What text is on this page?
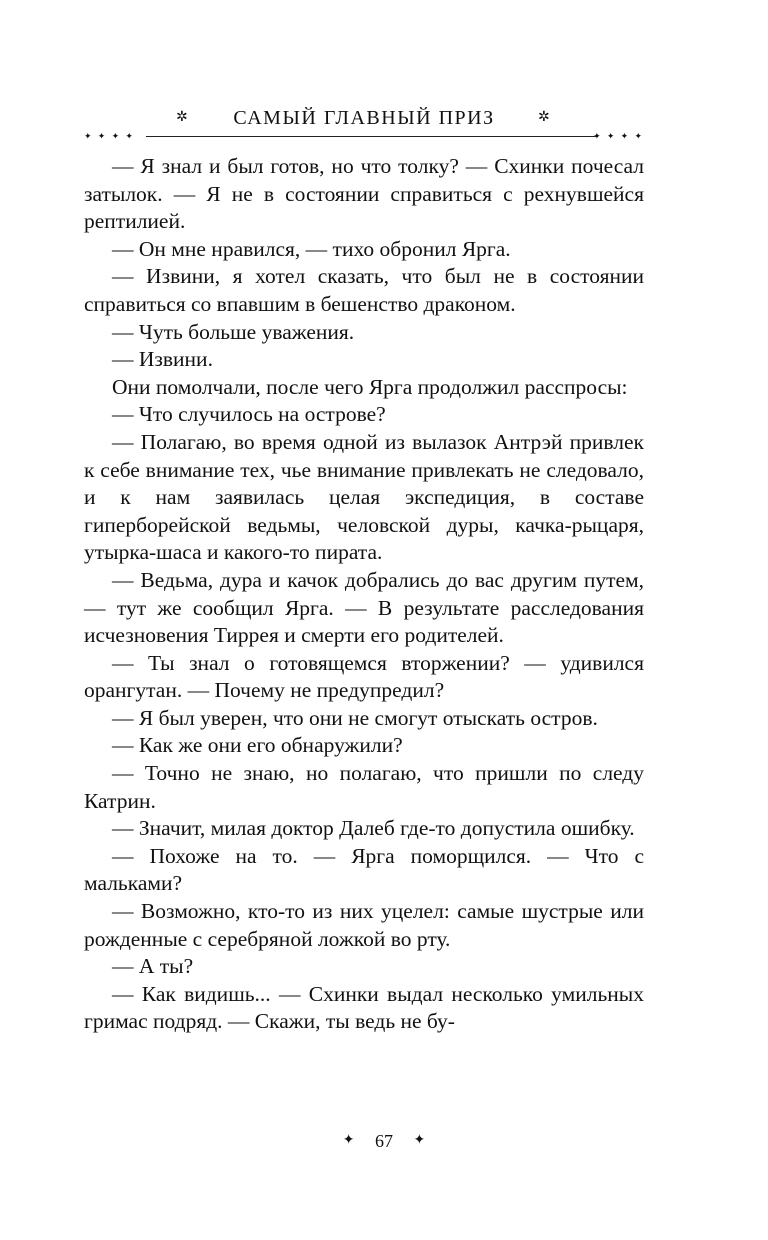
✲	САМЫЙ ГЛАВНЫЙ ПРИЗ	✲
✦ ✦ ✦ ✦	✦ ✦ ✦ ✦

— Я знал и был готов, но что толку? — Схинки почесал затылок. — Я не в состоянии справиться с рехнувшейся рептилией.

— Он мне нравился, — тихо обронил Ярга.

— Извини, я хотел сказать, что был не в состоянии справиться со впавшим в бешенство драконом.

— Чуть больше уважения.

— Извини.

Они помолчали, после чего Ярга продолжил расспросы:

— Что случилось на острове?

— Полагаю, во время одной из вылазок Антрэй привлек к себе внимание тех, чье внимание привлекать не следовало, и к нам заявилась целая экспедиция, в составе гиперборейской ведьмы, человской дуры, качка-рыцаря, утырка-шаса и какого-то пирата.

— Ведьма, дура и качок добрались до вас другим путем, — тут же сообщил Ярга. — В результате расследования исчезновения Тиррея и смерти его родителей.

— Ты знал о готовящемся вторжении? — удивился орангутан. — Почему не предупредил?

— Я был уверен, что они не смогут отыскать остров.

— Как же они его обнаружили?

— Точно не знаю, но полагаю, что пришли по следу Катрин.

— Значит, милая доктор Далеб где-то допустила ошибку.

— Похоже на то. — Ярга поморщился. — Что с мальками?

— Возможно, кто-то из них уцелел: самые шустрые или рожденные с серебряной ложкой во рту.

— А ты?

— Как видишь... — Схинки выдал несколько умильных гримас подряд. — Скажи, ты ведь не бу-

✦ 67 ✦
